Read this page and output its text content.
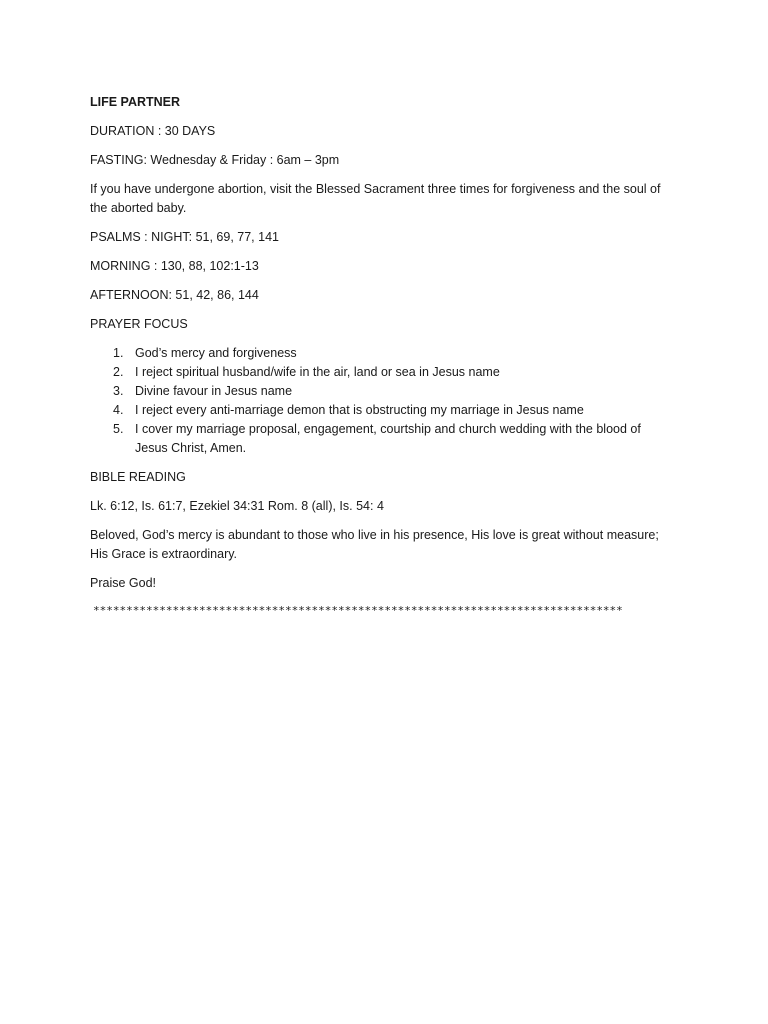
LIFE PARTNER

DURATION : 30 DAYS

FASTING: Wednesday & Friday : 6am – 3pm

If you have undergone abortion, visit the Blessed Sacrament three times for forgiveness and the soul of the aborted baby.

PSALMS : NIGHT: 51, 69, 77, 141

MORNING : 130, 88, 102:1-13

AFTERNOON: 51, 42, 86, 144

PRAYER FOCUS

1. God’s mercy and forgiveness
2. I reject spiritual husband/wife in the air, land or sea in Jesus name
3. Divine favour in Jesus name
4. I reject every anti-marriage demon that is obstructing my marriage in Jesus name
5. I cover my marriage proposal, engagement, courtship and church wedding with the blood of Jesus Christ, Amen.

BIBLE READING

Lk. 6:12, Is. 61:7, Ezekiel 34:31 Rom. 8 (all), Is. 54: 4

Beloved, God’s mercy is abundant to those who live in his presence, His love is great without measure; His Grace is extraordinary.

Praise God!

********************************************************************************
